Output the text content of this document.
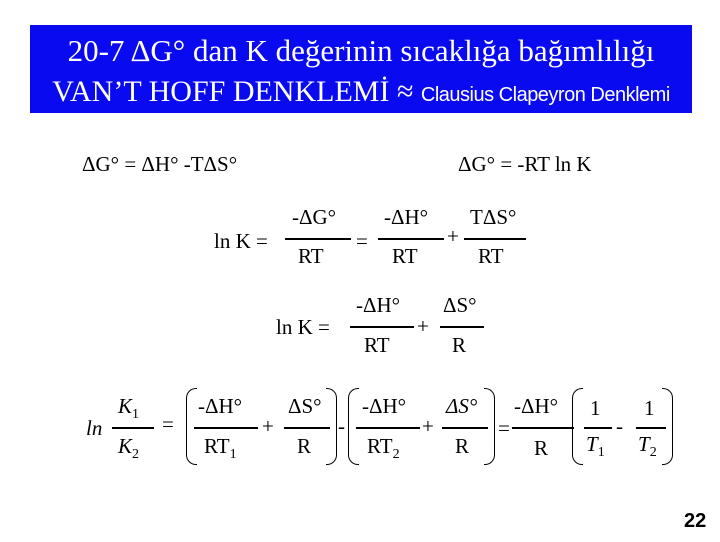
20-7 ΔG° dan K değerinin sıcaklığa bağımlılığı
VAN’T HOFF DENKLEMİ ≈ Clausius Clapeyron Denklemi
ΔG° = ΔH° -TΔS°	ΔG° = -RT ln K
ln K =
-ΔG°
RT
=
-ΔH°
RT
+
TΔS°
RT
ln K =
-ΔH°
RT
+
ΔS°
R
ln
$K_1$
$K_2$
=
-ΔH°
$RT_1$
+
ΔS°
R
-
-ΔH°
$RT_2$
+
ΔS°
R
=
-ΔH°
R
1
$T_1$
-
1
$T_2$
22
